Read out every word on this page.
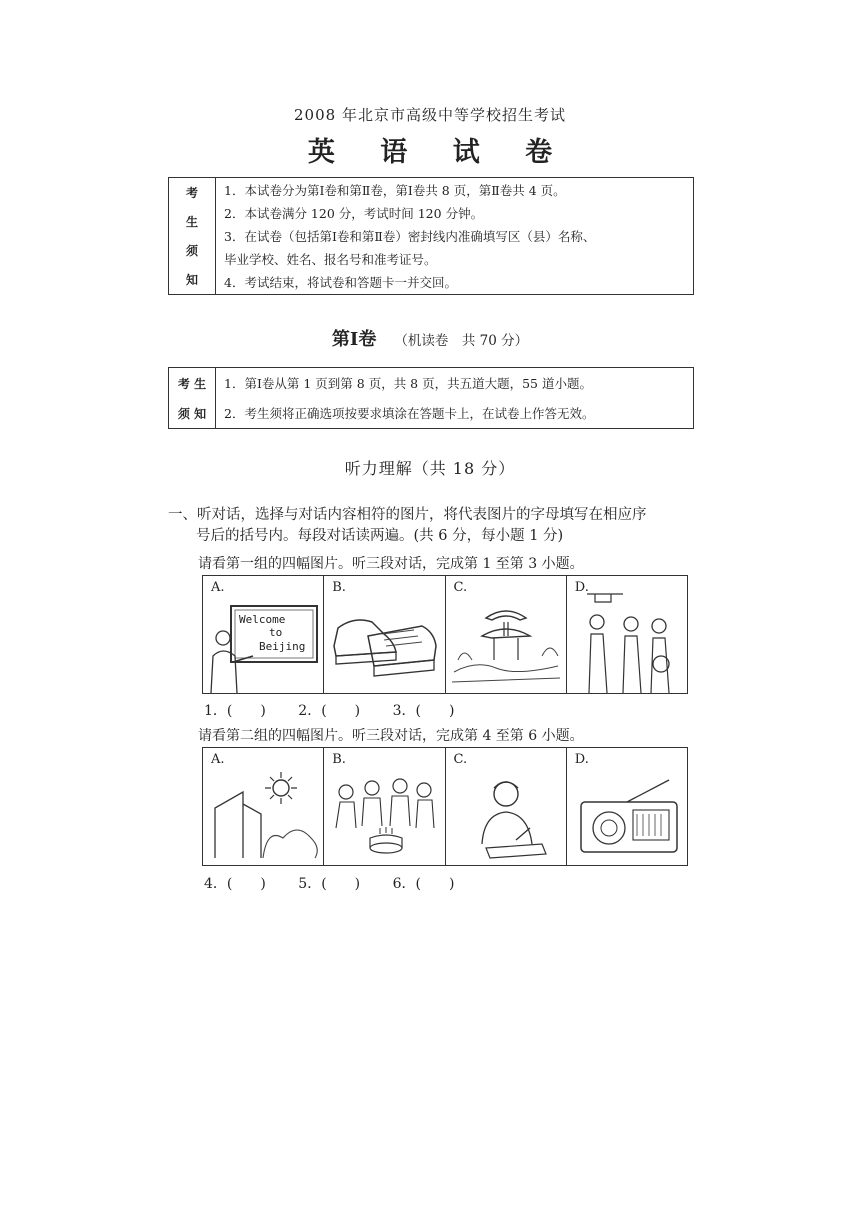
2008 年北京市高级中等学校招生考试
英 语 试 卷
考
生
须
知
1．本试卷分为第Ⅰ卷和第Ⅱ卷，第Ⅰ卷共 8 页，第Ⅱ卷共 4 页。
2．本试卷满分 120 分，考试时间 120 分钟。
3．在试卷（包括第Ⅰ卷和第Ⅱ卷）密封线内准确填写区（县）名称、
毕业学校、姓名、报名号和准考证号。
4．考试结束，将试卷和答题卡一并交回。
第Ⅰ卷 （机读卷　共 70 分）
考 生
须 知
1．第Ⅰ卷从第 1 页到第 8 页，共 8 页，共五道大题，55 道小题。
2．考生须将正确选项按要求填涂在答题卡上，在试卷上作答无效。
听力理解（共 18 分）
一、听对话，选择与对话内容相符的图片，将代表图片的字母填写在相应序
号后的括号内。每段对话读两遍。(共 6 分，每小题 1 分)
请看第一组的四幅图片。听三段对话，完成第 1 至第 3 小题。
A.
Welcome
to
Beijing
B.	C.	D.
1．(　　) 2．(　　) 3．(　　)
请看第二组的四幅图片。听三段对话，完成第 4 至第 6 小题。
A.	B.	C.	D.
4．(　　) 5．(　　) 6．(　　)
